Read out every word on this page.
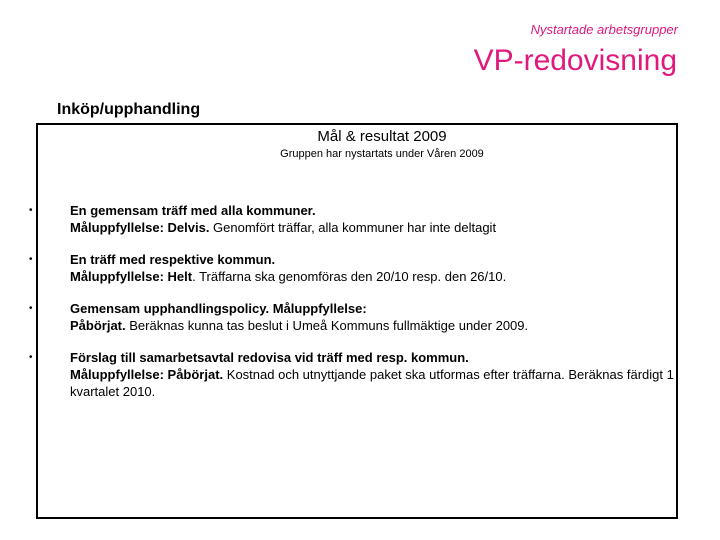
Nystartade arbetsgrupper
VP-redovisning
Inköp/upphandling
Mål & resultat 2009
Gruppen har nystartats under Våren 2009
•	En gemensam träff med alla kommuner.
Måluppfyllelse: Delvis. Genomfört träffar, alla kommuner har inte deltagit
•	En träff med respektive kommun.
Måluppfyllelse: Helt. Träffarna ska genomföras den 20/10 resp. den 26/10.
•	Gemensam upphandlingspolicy. Måluppfyllelse:
Påbörjat. Beräknas kunna tas beslut i Umeå Kommuns fullmäktige under 2009.
•	Förslag till samarbetsavtal redovisa vid träff med resp. kommun.
Måluppfyllelse: Påbörjat. Kostnad och utnyttjande paket ska utformas efter träffarna. Beräknas färdigt 1 kvartalet 2010.
